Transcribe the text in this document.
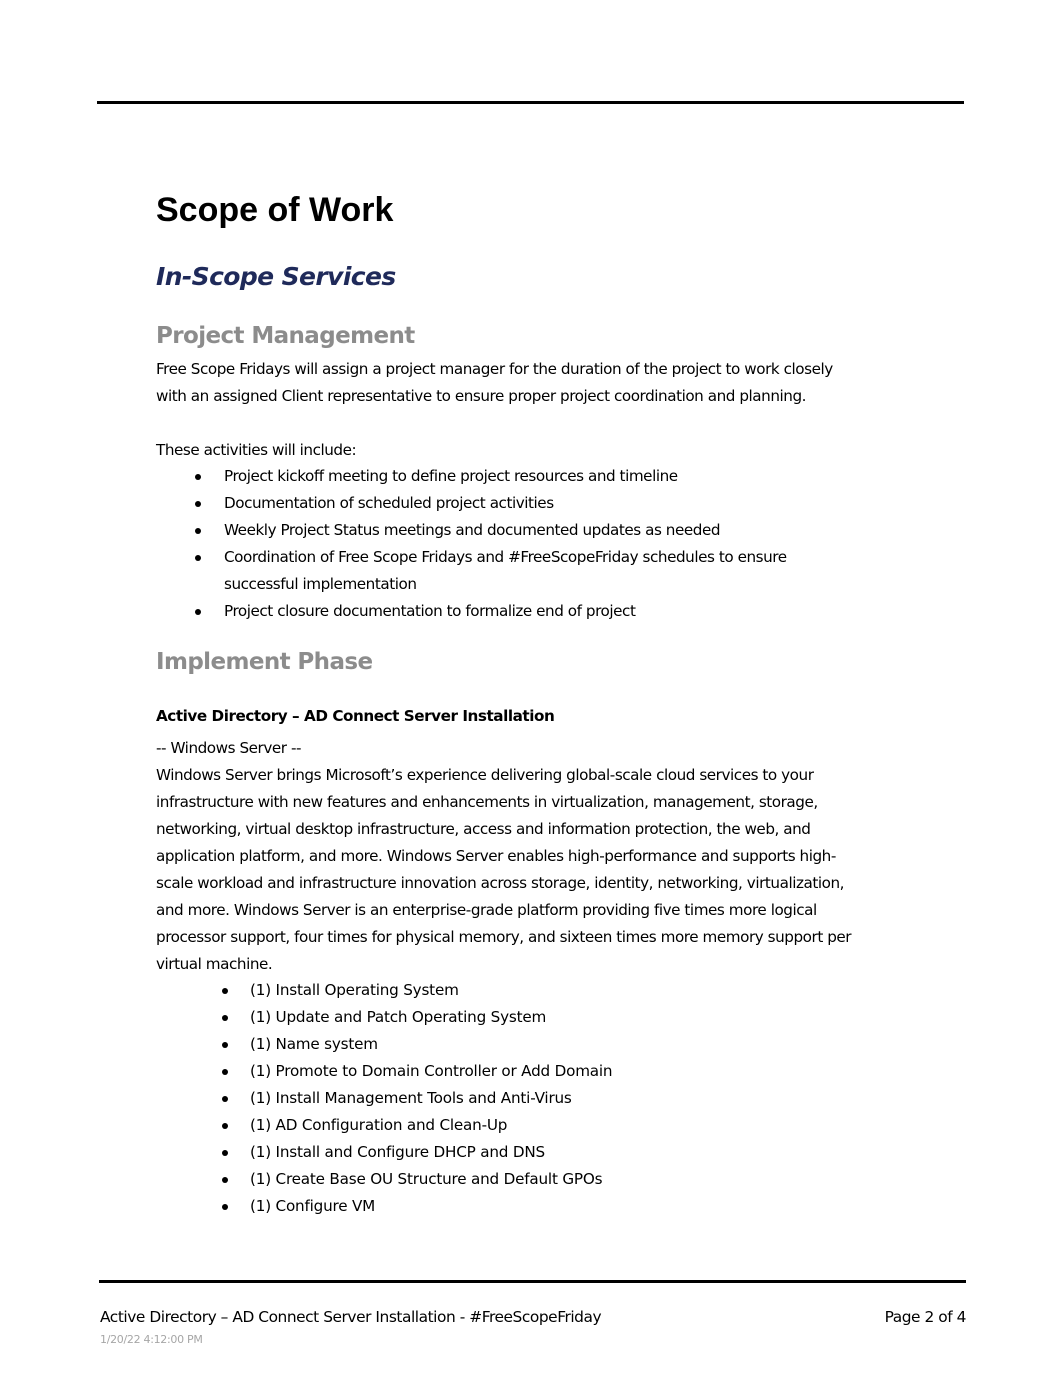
Scope of Work
In-Scope Services
Project Management
Free Scope Fridays will assign a project manager for the duration of the project to work closely
with an assigned Client representative to ensure proper project coordination and planning.
These activities will include:
Project kickoff meeting to define project resources and timeline
Documentation of scheduled project activities
Weekly Project Status meetings and documented updates as needed
Coordination of Free Scope Fridays and #FreeScopeFriday schedules to ensure successful implementation
Project closure documentation to formalize end of project
Implement Phase
Active Directory – AD Connect Server Installation
-- Windows Server --
Windows Server brings Microsoft’s experience delivering global-scale cloud services to your
infrastructure with new features and enhancements in virtualization, management, storage,
networking, virtual desktop infrastructure, access and information protection, the web, and
application platform, and more. Windows Server enables high-performance and supports high-
scale workload and infrastructure innovation across storage, identity, networking, virtualization,
and more. Windows Server is an enterprise-grade platform providing five times more logical
processor support, four times for physical memory, and sixteen times more memory support per
virtual machine.
(1) Install Operating System
(1) Update and Patch Operating System
(1) Name system
(1) Promote to Domain Controller or Add Domain
(1) Install Management Tools and Anti-Virus
(1) AD Configuration and Clean-Up
(1) Install and Configure DHCP and DNS
(1) Create Base OU Structure and Default GPOs
(1) Configure VM
Active Directory – AD Connect Server Installation - #FreeScopeFriday	Page 2 of 4
1/20/22 4:12:00 PM
